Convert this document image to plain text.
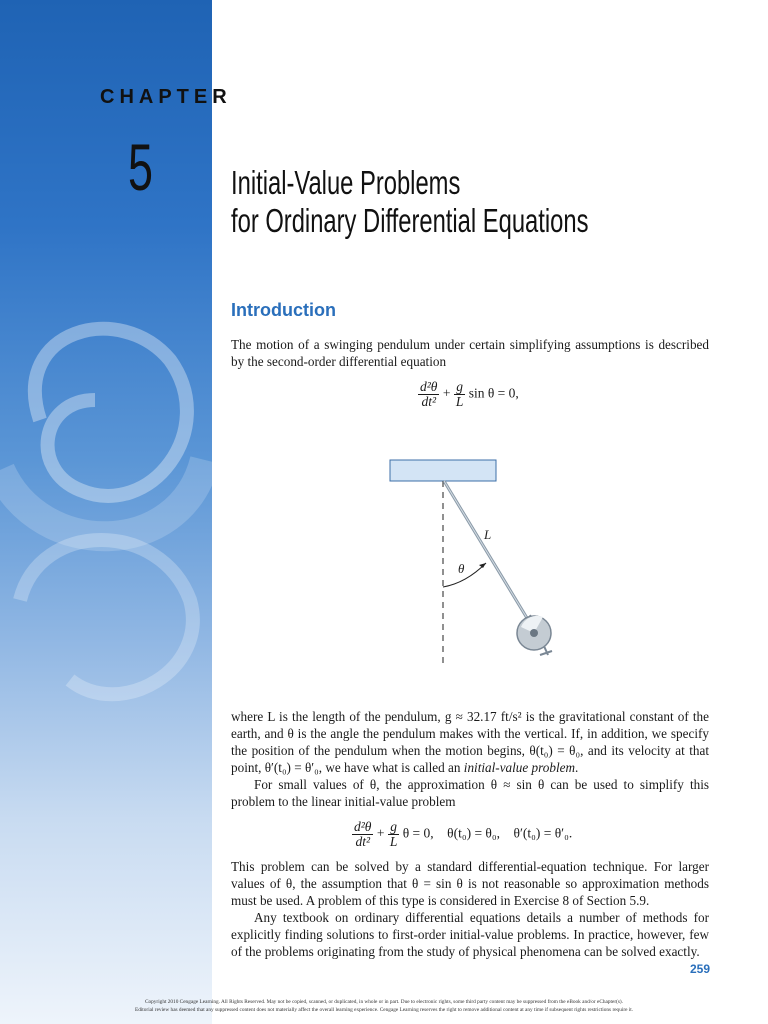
CHAPTER
5 Initial-Value Problems
for Ordinary Differential Equations
Introduction
The motion of a swinging pendulum under certain simplifying assumptions is described by the second-order differential equation
$\frac{\text{d²θ}}{\text{dt²}} + \frac{g}{L}$ sin θ = 0,
L
θ
where L is the length of the pendulum, g ≈ 32.17 ft/s² is the gravitational constant of the earth, and θ is the angle the pendulum makes with the vertical. If, in addition, we specify the position of the pendulum when the motion begins, θ(t₀) = θ₀, and its velocity at that point, θ′(t₀) = θ′₀, we have what is called an initial-value problem.
For small values of θ, the approximation θ ≈ sin θ can be used to simplify this problem to the linear initial-value problem
$\frac{\text{d²θ}}{\text{dt²}} + \frac{g}{L}$ θ = 0,    θ(t₀) = θ₀,    θ′(t₀) = θ′₀.
This problem can be solved by a standard differential-equation technique. For larger values of θ, the assumption that θ = sin θ is not reasonable so approximation methods must be used. A problem of this type is considered in Exercise 8 of Section 5.9.
Any textbook on ordinary differential equations details a number of methods for explicitly finding solutions to first-order initial-value problems. In practice, however, few of the problems originating from the study of physical phenomena can be solved exactly.
259
Copyright 2010 Cengage Learning. All Rights Reserved. May not be copied, scanned, or duplicated, in whole or in part. Due to electronic rights, some third party content may be suppressed from the eBook and/or eChapter(s).
Editorial review has deemed that any suppressed content does not materially affect the overall learning experience. Cengage Learning reserves the right to remove additional content at any time if subsequent rights restrictions require it.
